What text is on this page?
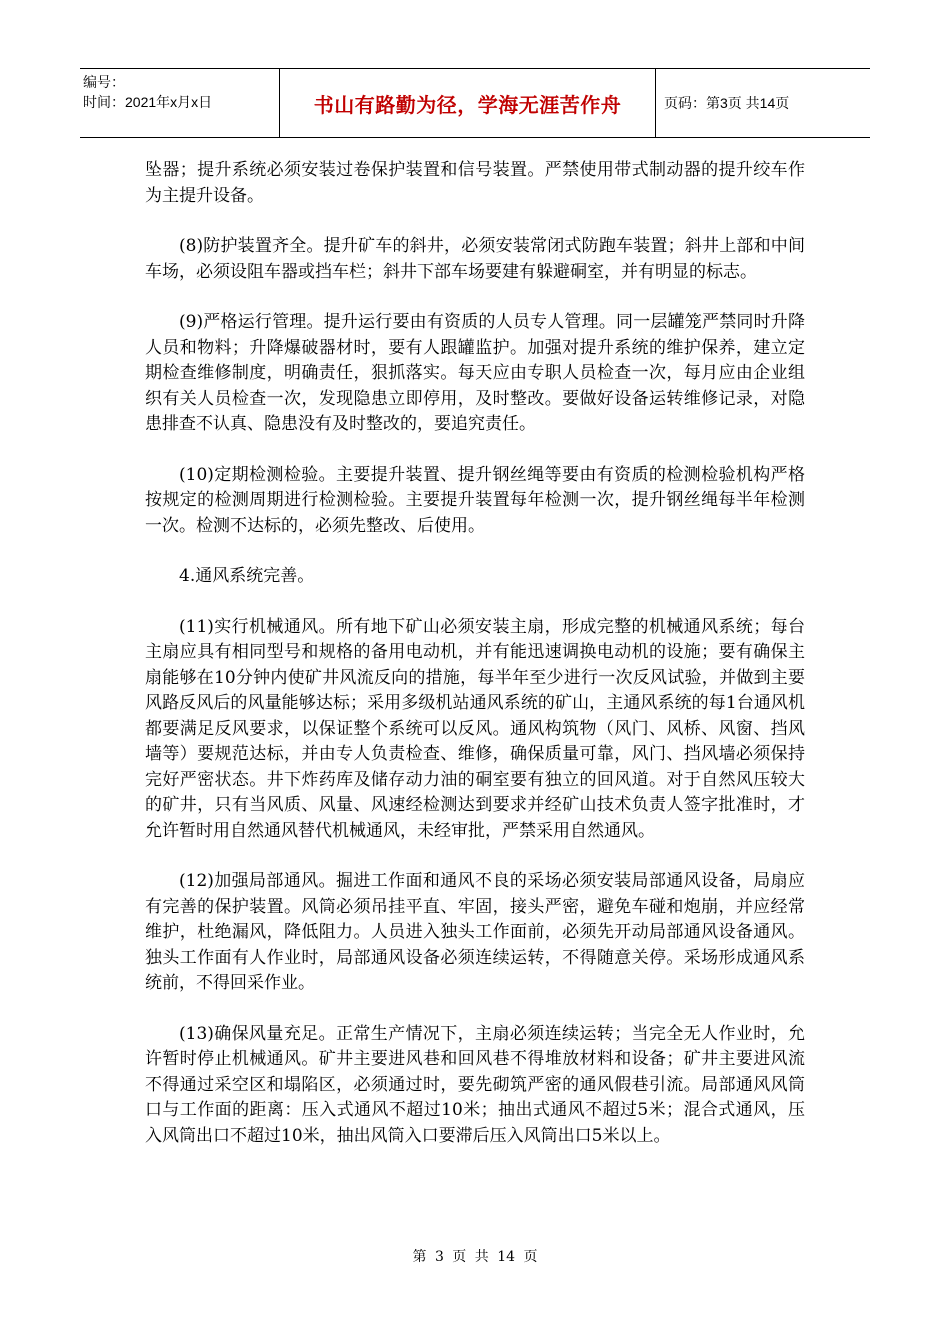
编号：
时间：2021年x月x日	书山有路勤为径，学海无涯苦作舟	页码：第3页 共14页

坠器；提升系统必须安装过卷保护装置和信号装置。严禁使用带式制动器的提升绞车作为主提升设备。

(8)防护装置齐全。提升矿车的斜井，必须安装常闭式防跑车装置；斜井上部和中间车场，必须设阻车器或挡车栏；斜井下部车场要建有躲避硐室，并有明显的标志。

(9)严格运行管理。提升运行要由有资质的人员专人管理。同一层罐笼严禁同时升降人员和物料；升降爆破器材时，要有人跟罐监护。加强对提升系统的维护保养，建立定期检查维修制度，明确责任，狠抓落实。每天应由专职人员检查一次，每月应由企业组织有关人员检查一次，发现隐患立即停用，及时整改。要做好设备运转维修记录，对隐患排查不认真、隐患没有及时整改的，要追究责任。

(10)定期检测检验。主要提升装置、提升钢丝绳等要由有资质的检测检验机构严格按规定的检测周期进行检测检验。主要提升装置每年检测一次，提升钢丝绳每半年检测一次。检测不达标的，必须先整改、后使用。

4.通风系统完善。

(11)实行机械通风。所有地下矿山必须安装主扇，形成完整的机械通风系统；每台主扇应具有相同型号和规格的备用电动机，并有能迅速调换电动机的设施；要有确保主扇能够在10分钟内使矿井风流反向的措施，每半年至少进行一次反风试验，并做到主要风路反风后的风量能够达标；采用多级机站通风系统的矿山，主通风系统的每1台通风机都要满足反风要求，以保证整个系统可以反风。通风构筑物（风门、风桥、风窗、挡风墙等）要规范达标，并由专人负责检查、维修，确保质量可靠，风门、挡风墙必须保持完好严密状态。井下炸药库及储存动力油的硐室要有独立的回风道。对于自然风压较大的矿井，只有当风质、风量、风速经检测达到要求并经矿山技术负责人签字批准时，才允许暂时用自然通风替代机械通风，未经审批，严禁采用自然通风。

(12)加强局部通风。掘进工作面和通风不良的采场必须安装局部通风设备，局扇应有完善的保护装置。风筒必须吊挂平直、牢固，接头严密，避免车碰和炮崩，并应经常维护，杜绝漏风，降低阻力。人员进入独头工作面前，必须先开动局部通风设备通风。独头工作面有人作业时，局部通风设备必须连续运转，不得随意关停。采场形成通风系统前，不得回采作业。

(13)确保风量充足。正常生产情况下，主扇必须连续运转；当完全无人作业时，允许暂时停止机械通风。矿井主要进风巷和回风巷不得堆放材料和设备；矿井主要进风流不得通过采空区和塌陷区，必须通过时，要先砌筑严密的通风假巷引流。局部通风风筒口与工作面的距离：压入式通风不超过10米；抽出式通风不超过5米；混合式通风，压入风筒出口不超过10米，抽出风筒入口要滞后压入风筒出口5米以上。

第 3 页 共 14 页
